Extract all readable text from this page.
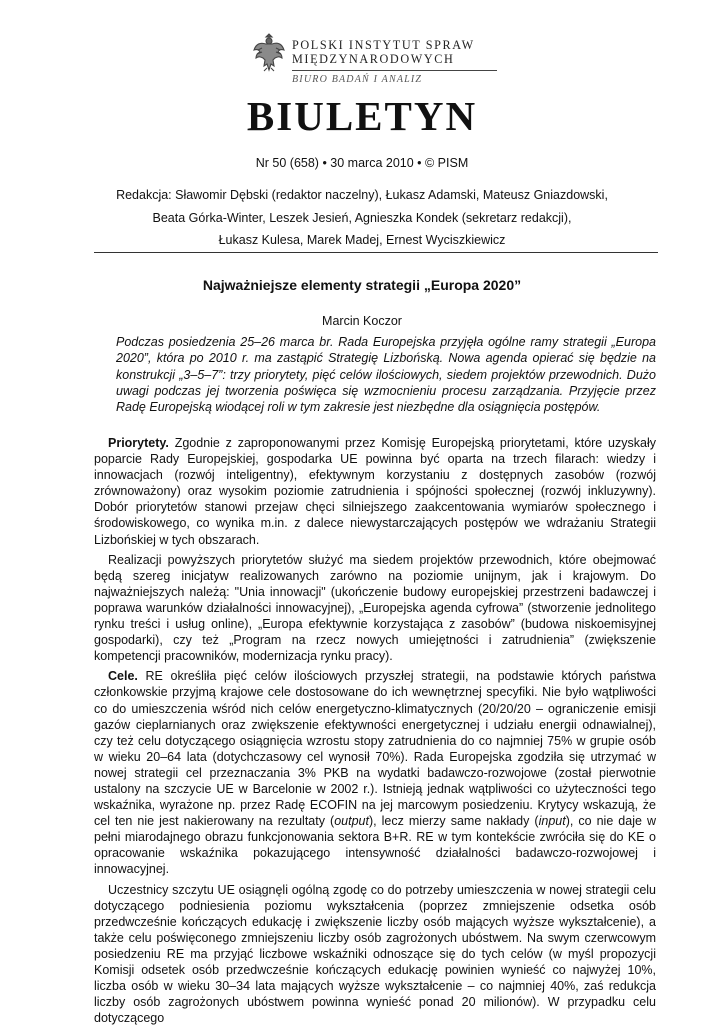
POLSKI INSTYTUT SPRAW
MIĘDZYNARODOWYCH
BIURO BADAŃ I ANALIZ
BIULETYN
Nr 50 (658) • 30 marca 2010 • © PISM
Redakcja: Sławomir Dębski (redaktor naczelny), Łukasz Adamski, Mateusz Gniazdowski,
Beata Górka-Winter, Leszek Jesień, Agnieszka Kondek (sekretarz redakcji),
Łukasz Kulesa, Marek Madej, Ernest Wyciszkiewicz
Najważniejsze elementy strategii „Europa 2020”
Marcin Koczor

Podczas posiedzenia 25–26 marca br. Rada Europejska przyjęła ogólne ramy strategii „Europa 2020”, która po 2010 r. ma zastąpić Strategię Lizbońską. Nowa agenda opierać się będzie na konstrukcji „3–5–7”: trzy priorytety, pięć celów ilościowych, siedem projektów przewodnich. Dużo uwagi podczas jej tworzenia poświęca się wzmocnieniu procesu zarządzania. Przyjęcie przez Radę Europejską wiodącej roli w tym zakresie jest niezbędne dla osiągnięcia postępów.

Priorytety. Zgodnie z zaproponowanymi przez Komisję Europejską priorytetami, które uzyskały poparcie Rady Europejskiej, gospodarka UE powinna być oparta na trzech filarach: wiedzy i innowacjach (rozwój inteligentny), efektywnym korzystaniu z dostępnych zasobów (rozwój zrównoważony) oraz wysokim poziomie zatrudnienia i spójności społecznej (rozwój inkluzywny). Dobór priorytetów stanowi przejaw chęci silniejszego zaakcentowania wymiarów społecznego i środowiskowego, co wynika m.in. z dalece niewystarczających postępów we wdrażaniu Strategii Lizbońskiej w tych obszarach.

Realizacji powyższych priorytetów służyć ma siedem projektów przewodnich, które obejmować będą szereg inicjatyw realizowanych zarówno na poziomie unijnym, jak i krajowym. Do najważniejszych należą: "Unia innowacji" (ukończenie budowy europejskiej przestrzeni badawczej i poprawa warunków działalności innowacyjnej), „Europejska agenda cyfrowa” (stworzenie jednolitego rynku treści i usług online), „Europa efektywnie korzystająca z zasobów” (budowa niskoemisyjnej gospodarki), czy też „Program na rzecz nowych umiejętności i zatrudnienia” (zwiększenie kompetencji pracowników, modernizacja rynku pracy).

Cele. RE określiła pięć celów ilościowych przyszłej strategii, na podstawie których państwa członkowskie przyjmą krajowe cele dostosowane do ich wewnętrznej specyfiki. Nie było wątpliwości co do umieszczenia wśród nich celów energetyczno-klimatycznych (20/20/20 – ograniczenie emisji gazów cieplarnianych oraz zwiększenie efektywności energetycznej i udziału energii odnawialnej), czy też celu dotyczącego osiągnięcia wzrostu stopy zatrudnienia do co najmniej 75% w grupie osób w wieku 20–64 lata (dotychczasowy cel wynosił 70%). Rada Europejska zgodziła się utrzymać w nowej strategii cel przeznaczania 3% PKB na wydatki badawczo-rozwojowe (został pierwotnie ustalony na szczycie UE w Barcelonie w 2002 r.). Istnieją jednak wątpliwości co użyteczności tego wskaźnika, wyrażone np. przez Radę ECOFIN na jej marcowym posiedzeniu. Krytycy wskazują, że cel ten nie jest nakierowany na rezultaty (output), lecz mierzy same nakłady (input), co nie daje w pełni miarodajnego obrazu funkcjonowania sektora B+R. RE w tym kontekście zwróciła się do KE o opracowanie wskaźnika pokazującego intensywność działalności badawczo-rozwojowej i innowacyjnej.

Uczestnicy szczytu UE osiągnęli ogólną zgodę co do potrzeby umieszczenia w nowej strategii celu dotyczącego podniesienia poziomu wykształcenia (poprzez zmniejszenie odsetka osób przedwcześnie kończących edukację i zwiększenie liczby osób mających wyższe wykształcenie), a także celu poświęconego zmniejszeniu liczby osób zagrożonych ubóstwem. Na swym czerwcowym posiedzeniu RE ma przyjąć liczbowe wskaźniki odnoszące się do tych celów (w myśl propozycji Komisji odsetek osób przedwcześnie kończących edukację powinien wynieść co najwyżej 10%, liczba osób w wieku 30–34 lata mających wyższe wykształcenie – co najmniej 40%, zaś redukcja liczby osób zagrożonych ubóstwem powinna wynieść ponad 20 milionów). W przypadku celu dotyczącego
